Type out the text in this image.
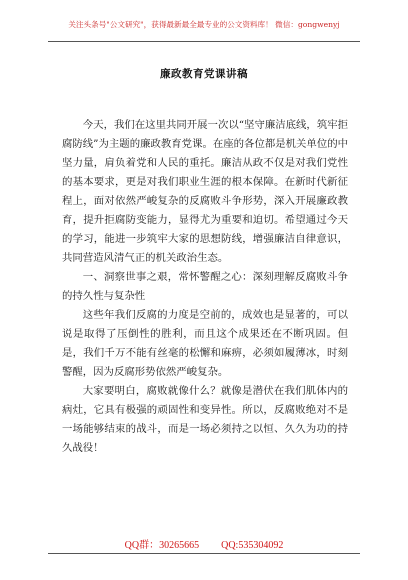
关注头条号"公文研究"，获得最新最全最专业的公文资料库！ 微信：gongwenyj
廉政教育党课讲稿

今天，我们在这里共同开展一次以“坚守廉洁底线，筑牢拒腐防线”为主题的廉政教育党课。在座的各位都是机关单位的中坚力量，肩负着党和人民的重托。廉洁从政不仅是对我们党性的基本要求，更是对我们职业生涯的根本保障。在新时代新征程上，面对依然严峻复杂的反腐败斗争形势，深入开展廉政教育，提升拒腐防变能力，显得尤为重要和迫切。希望通过今天的学习，能进一步筑牢大家的思想防线，增强廉洁自律意识，共同营造风清气正的机关政治生态。

一、洞察世事之艰，常怀警醒之心：深刻理解反腐败斗争的持久性与复杂性

这些年我们反腐的力度是空前的，成效也是显著的，可以说是取得了压倒性的胜利，而且这个成果还在不断巩固。但是，我们千万不能有丝毫的松懈和麻痹，必须如履薄冰，时刻警醒，因为反腐形势依然严峻复杂。

大家要明白，腐败就像什么？就像是潜伏在我们肌体内的病灶，它具有极强的顽固性和变异性。所以，反腐败绝对不是一场能够结束的战斗，而是一场必须持之以恒、久久为功的持久战役！

QQ群：30265665 QQ:535304092
